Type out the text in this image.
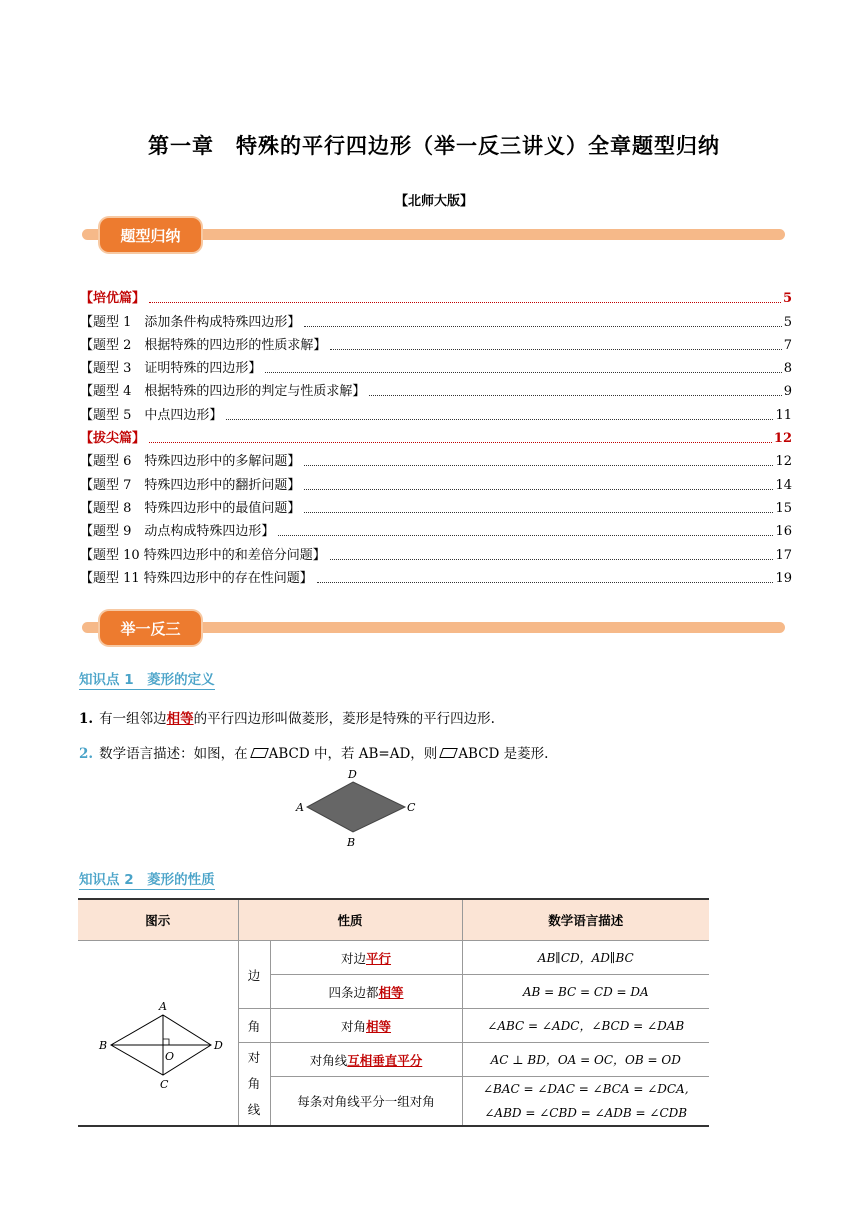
第一章　特殊的平行四边形（举一反三讲义）全章题型归纳
【北师大版】
题型归纳
【培优篇】	5
【题型 1　添加条件构成特殊四边形】	5
【题型 2　根据特殊的四边形的性质求解】	7
【题型 3　证明特殊的四边形】	8
【题型 4　根据特殊的四边形的判定与性质求解】	9
【题型 5　中点四边形】	11
【拔尖篇】	12
【题型 6　特殊四边形中的多解问题】	12
【题型 7　特殊四边形中的翻折问题】	14
【题型 8　特殊四边形中的最值问题】	15
【题型 9　动点构成特殊四边形】	16
【题型 10 特殊四边形中的和差倍分问题】	17
【题型 11 特殊四边形中的存在性问题】	19
举一反三
知识点 1　菱形的定义
1. 有一组邻边相等的平行四边形叫做菱形，菱形是特殊的平行四边形.
2. 数学语言描述：如图，在 ABCD 中，若 AB=AD，则 ABCD 是菱形.
D
C
B
A
知识点 2　菱形的性质
图示	性质		数学语言描述

A
B
C
D
O	边	对边平行	AB∥CD，AD∥BC
		四条边都相等	AB = BC = CD = DA
	角	对角相等	∠ABC = ∠ADC，∠BCD = ∠DAB

	对
角
线	对角线互相垂直平分	AC ⊥ BD，OA = OC，OB = OD
		每条对角线平分一组对角	∠BAC = ∠DAC = ∠BCA = ∠DCA,
∠ABD = ∠CBD = ∠ADB = ∠CDB
